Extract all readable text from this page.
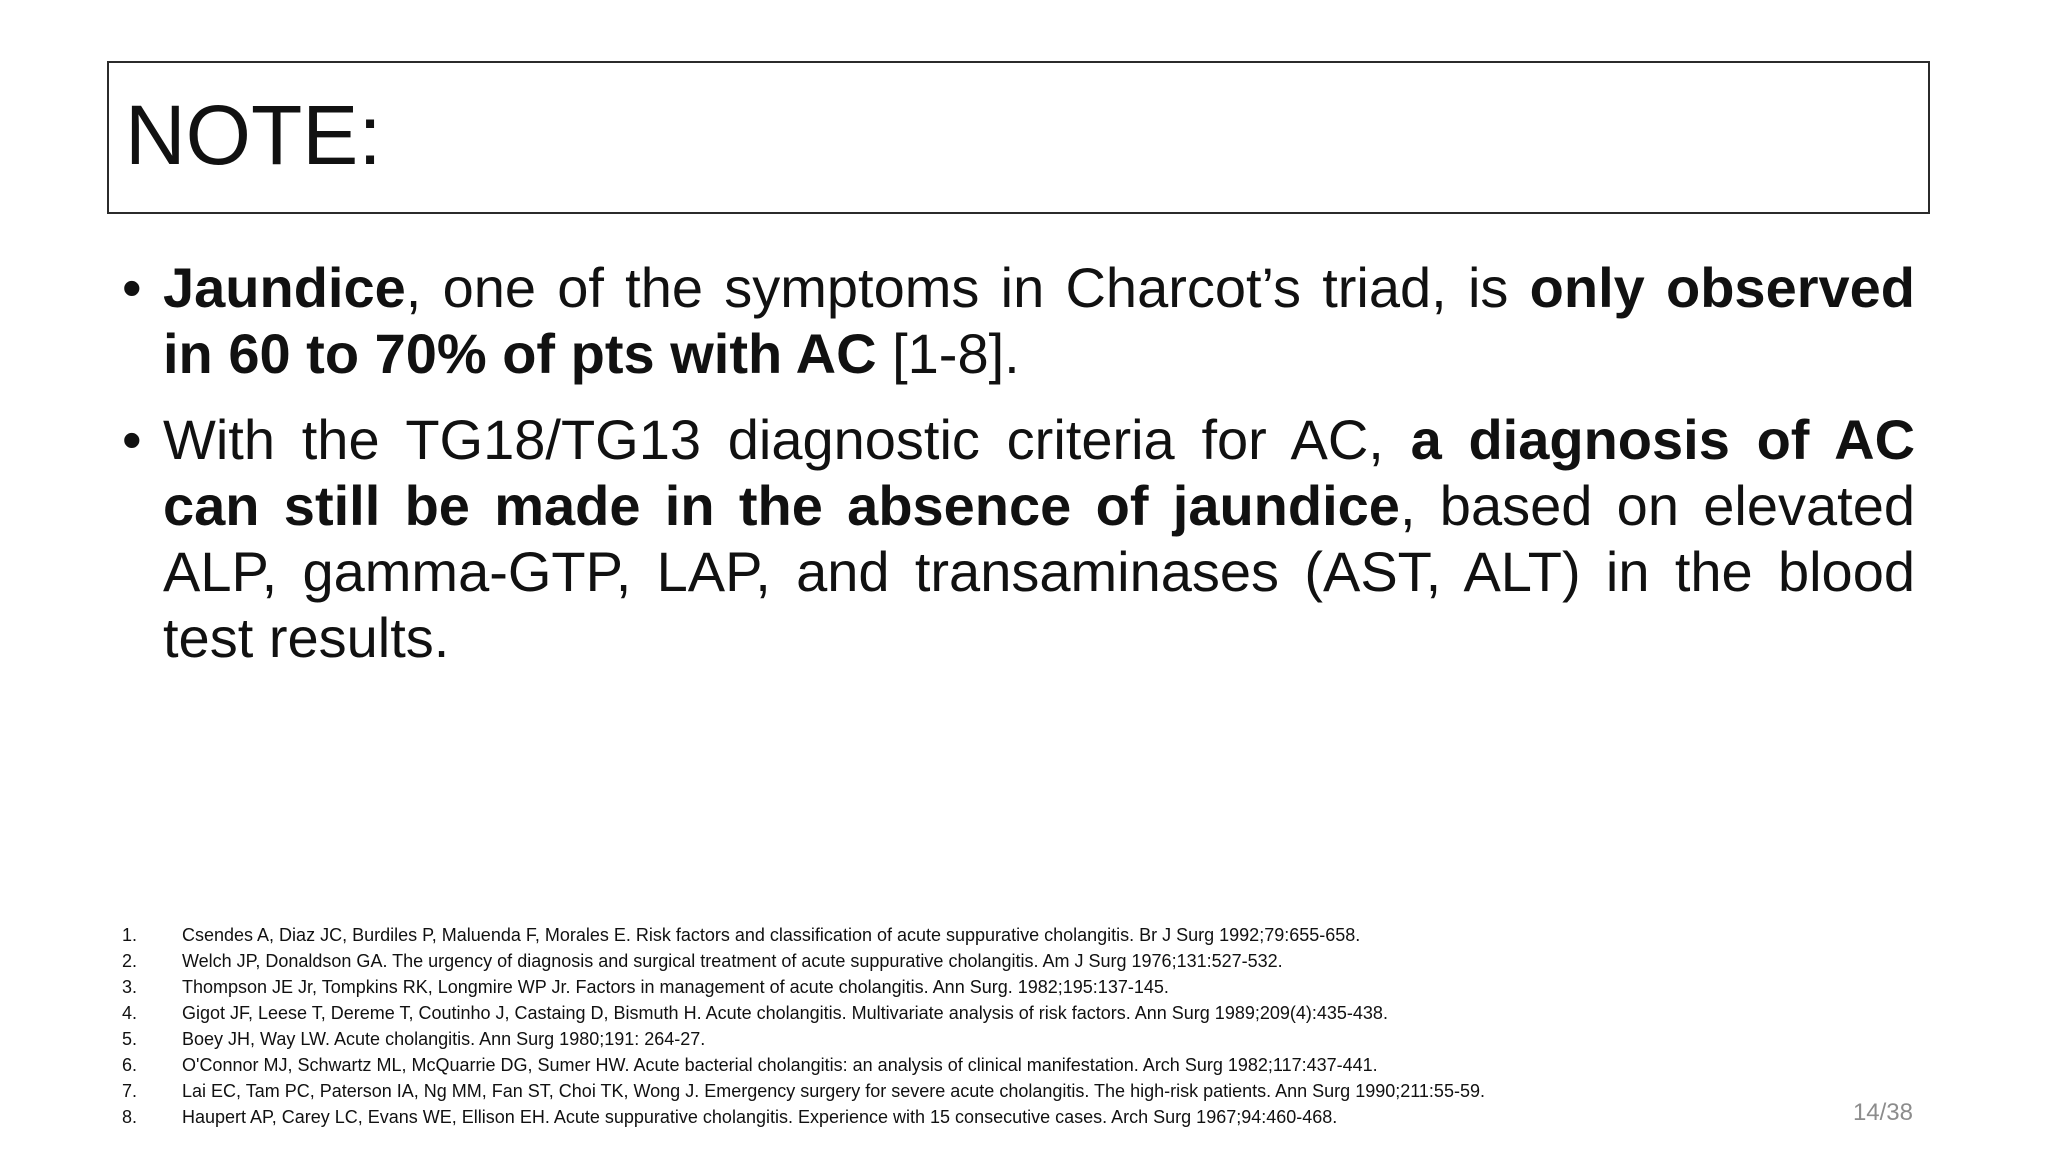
NOTE:
• Jaundice, one of the symptoms in Charcot’s triad, is only observed in 60 to 70% of pts with AC [1-8].
• With the TG18/TG13 diagnostic criteria for AC, a diagnosis of AC can still be made in the absence of jaundice, based on elevated ALP, gamma-GTP, LAP, and transaminases (AST, ALT) in the blood test results.
1. Csendes A, Diaz JC, Burdiles P, Maluenda F, Morales E. Risk factors and classification of acute suppurative cholangitis. Br J Surg 1992;79:655-658.
2. Welch JP, Donaldson GA. The urgency of diagnosis and surgical treatment of acute suppurative cholangitis. Am J Surg 1976;131:527-532.
3. Thompson JE Jr, Tompkins RK, Longmire WP Jr. Factors in management of acute cholangitis. Ann Surg. 1982;195:137-145.
4. Gigot JF, Leese T, Dereme T, Coutinho J, Castaing D, Bismuth H. Acute cholangitis. Multivariate analysis of risk factors. Ann Surg 1989;209(4):435-438.
5. Boey JH, Way LW. Acute cholangitis. Ann Surg 1980;191: 264-27.
6. O'Connor MJ, Schwartz ML, McQuarrie DG, Sumer HW. Acute bacterial cholangitis: an analysis of clinical manifestation. Arch Surg 1982;117:437-441.
7. Lai EC, Tam PC, Paterson IA, Ng MM, Fan ST, Choi TK, Wong J. Emergency surgery for severe acute cholangitis. The high-risk patients. Ann Surg 1990;211:55-59.
8. Haupert AP, Carey LC, Evans WE, Ellison EH. Acute suppurative cholangitis. Experience with 15 consecutive cases. Arch Surg 1967;94:460-468.	14/38
